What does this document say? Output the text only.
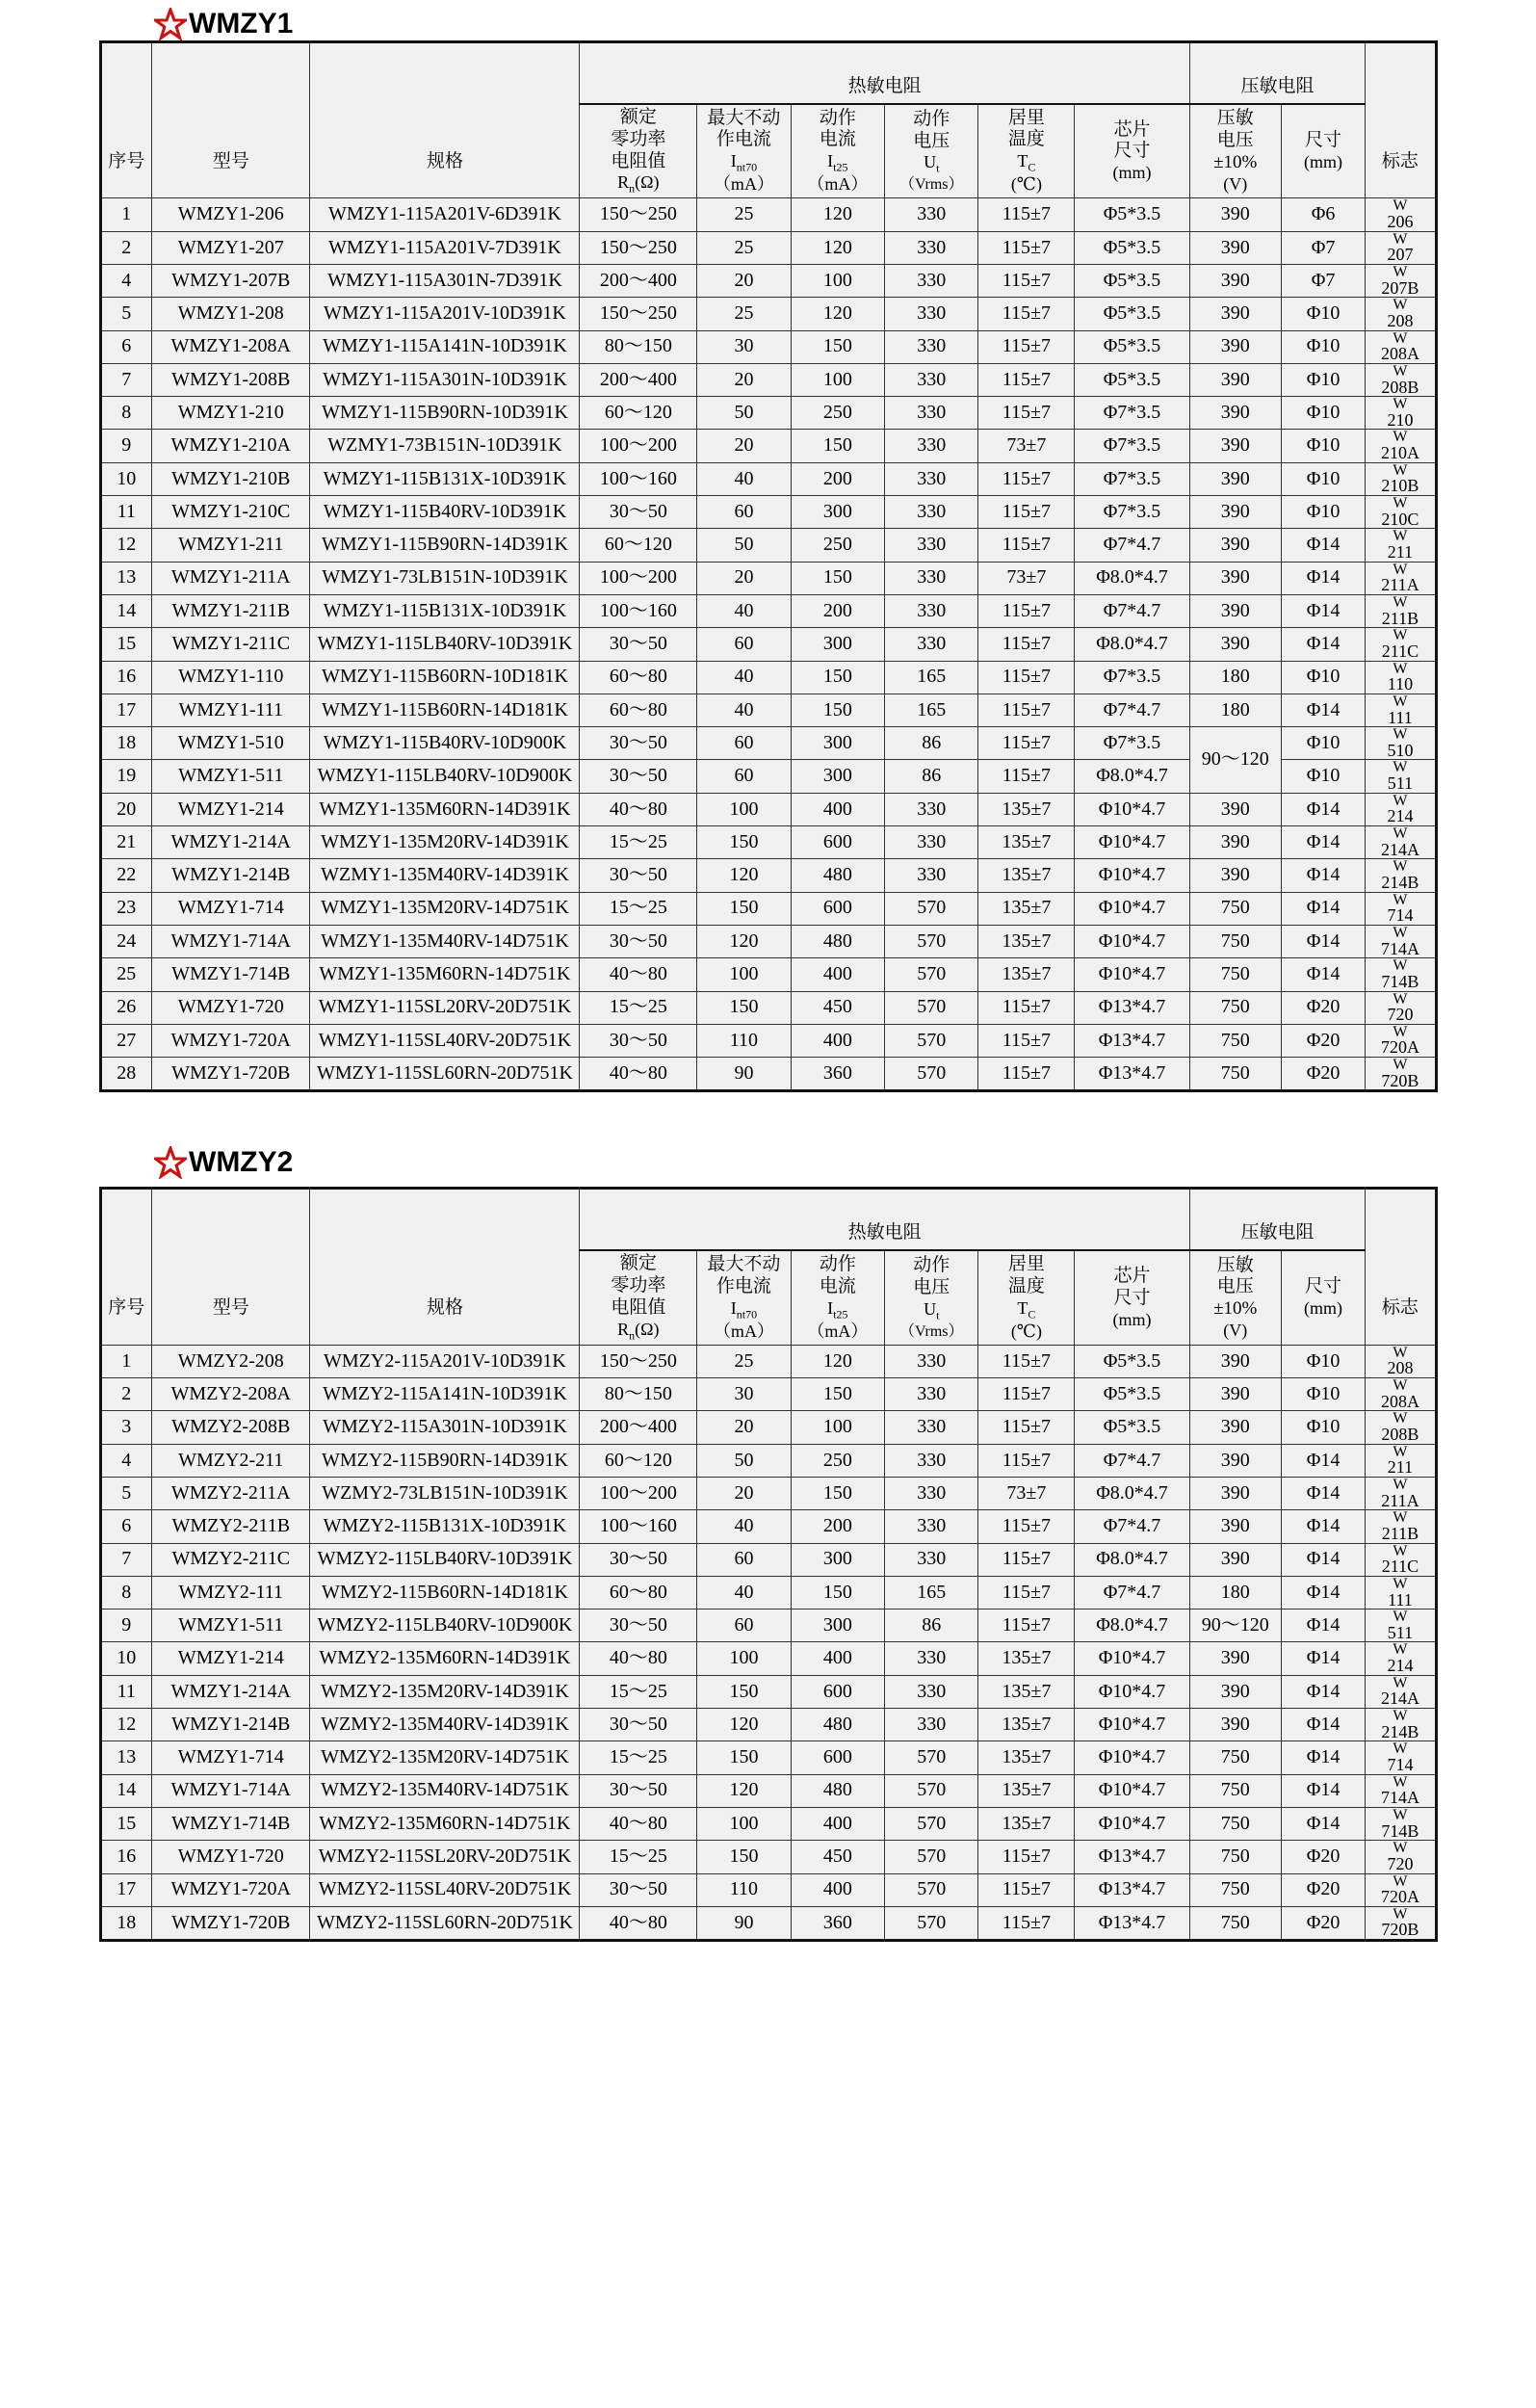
WMZY1
序号	型号	规格	热敏电阻						压敏电阻		标志

			额定
零功率
电阻值
$R_n(\Omega)$	最大不动
作电流
$I_{nt70}$
（mA）	动作
电流
$I_{t25}$
（mA）	动作
电压
$U_t$
（Vrms）	居里
温度
$T_C$
(℃)	芯片
尺寸
(mm)	压敏
电压
±10%
(V)	尺寸
(mm)	

1	WMZY1-206	WMZY1-115A201V-6D391K	150～250	25	120	330	115±7	Φ5*3.5	390	Φ6	W
206

2	WMZY1-207	WMZY1-115A201V-7D391K	150～250	25	120	330	115±7	Φ5*3.5	390	Φ7	W
207

4	WMZY1-207B	WMZY1-115A301N-7D391K	200～400	20	100	330	115±7	Φ5*3.5	390	Φ7	W
207B

5	WMZY1-208	WMZY1-115A201V-10D391K	150～250	25	120	330	115±7	Φ5*3.5	390	Φ10	W
208

6	WMZY1-208A	WMZY1-115A141N-10D391K	80～150	30	150	330	115±7	Φ5*3.5	390	Φ10	W
208A

7	WMZY1-208B	WMZY1-115A301N-10D391K	200～400	20	100	330	115±7	Φ5*3.5	390	Φ10	W
208B

8	WMZY1-210	WMZY1-115B90RN-10D391K	60～120	50	250	330	115±7	Φ7*3.5	390	Φ10	W
210

9	WMZY1-210A	WZMY1-73B151N-10D391K	100～200	20	150	330	73±7	Φ7*3.5	390	Φ10	W
210A

10	WMZY1-210B	WMZY1-115B131X-10D391K	100～160	40	200	330	115±7	Φ7*3.5	390	Φ10	W
210B

11	WMZY1-210C	WMZY1-115B40RV-10D391K	30～50	60	300	330	115±7	Φ7*3.5	390	Φ10	W
210C

12	WMZY1-211	WMZY1-115B90RN-14D391K	60～120	50	250	330	115±7	Φ7*4.7	390	Φ14	W
211

13	WMZY1-211A	WMZY1-73LB151N-10D391K	100～200	20	150	330	73±7	Φ8.0*4.7	390	Φ14	W
211A

14	WMZY1-211B	WMZY1-115B131X-10D391K	100～160	40	200	330	115±7	Φ7*4.7	390	Φ14	W
211B

15	WMZY1-211C	WMZY1-115LB40RV-10D391K	30～50	60	300	330	115±7	Φ8.0*4.7	390	Φ14	W
211C

16	WMZY1-110	WMZY1-115B60RN-10D181K	60～80	40	150	165	115±7	Φ7*3.5	180	Φ10	W
110

17	WMZY1-111	WMZY1-115B60RN-14D181K	60～80	40	150	165	115±7	Φ7*4.7	180	Φ14	W
111

18	WMZY1-510	WMZY1-115B40RV-10D900K	30～50	60	300	86	115±7	Φ7*3.5	90～120	Φ10	W
510

19	WMZY1-511	WMZY1-115LB40RV-10D900K	30～50	60	300	86	115±7	Φ8.0*4.7		Φ10	W
511

20	WMZY1-214	WMZY1-135M60RN-14D391K	40～80	100	400	330	135±7	Φ10*4.7	390	Φ14	W
214

21	WMZY1-214A	WMZY1-135M20RV-14D391K	15～25	150	600	330	135±7	Φ10*4.7	390	Φ14	W
214A

22	WMZY1-214B	WZMY1-135M40RV-14D391K	30～50	120	480	330	135±7	Φ10*4.7	390	Φ14	W
214B

23	WMZY1-714	WMZY1-135M20RV-14D751K	15～25	150	600	570	135±7	Φ10*4.7	750	Φ14	W
714

24	WMZY1-714A	WMZY1-135M40RV-14D751K	30～50	120	480	570	135±7	Φ10*4.7	750	Φ14	W
714A

25	WMZY1-714B	WMZY1-135M60RN-14D751K	40～80	100	400	570	135±7	Φ10*4.7	750	Φ14	W
714B

26	WMZY1-720	WMZY1-115SL20RV-20D751K	15～25	150	450	570	115±7	Φ13*4.7	750	Φ20	W
720

27	WMZY1-720A	WMZY1-115SL40RV-20D751K	30～50	110	400	570	115±7	Φ13*4.7	750	Φ20	W
720A

28	WMZY1-720B	WMZY1-115SL60RN-20D751K	40～80	90	360	570	115±7	Φ13*4.7	750	Φ20	W
720B
WMZY2
序号	型号	规格	热敏电阻						压敏电阻		标志

			额定
零功率
电阻值
$R_n(\Omega)$	最大不动
作电流
$I_{nt70}$
（mA）	动作
电流
$I_{t25}$
（mA）	动作
电压
$U_t$
（Vrms）	居里
温度
$T_C$
(℃)	芯片
尺寸
(mm)	压敏
电压
±10%
(V)	尺寸
(mm)	

1	WMZY2-208	WMZY2-115A201V-10D391K	150～250	25	120	330	115±7	Φ5*3.5	390	Φ10	W
208

2	WMZY2-208A	WMZY2-115A141N-10D391K	80～150	30	150	330	115±7	Φ5*3.5	390	Φ10	W
208A

3	WMZY2-208B	WMZY2-115A301N-10D391K	200～400	20	100	330	115±7	Φ5*3.5	390	Φ10	W
208B

4	WMZY2-211	WMZY2-115B90RN-14D391K	60～120	50	250	330	115±7	Φ7*4.7	390	Φ14	W
211

5	WMZY2-211A	WZMY2-73LB151N-10D391K	100～200	20	150	330	73±7	Φ8.0*4.7	390	Φ14	W
211A

6	WMZY2-211B	WMZY2-115B131X-10D391K	100～160	40	200	330	115±7	Φ7*4.7	390	Φ14	W
211B

7	WMZY2-211C	WMZY2-115LB40RV-10D391K	30～50	60	300	330	115±7	Φ8.0*4.7	390	Φ14	W
211C

8	WMZY2-111	WMZY2-115B60RN-14D181K	60～80	40	150	165	115±7	Φ7*4.7	180	Φ14	W
111

9	WMZY1-511	WMZY2-115LB40RV-10D900K	30～50	60	300	86	115±7	Φ8.0*4.7	90～120	Φ14	W
511

10	WMZY1-214	WMZY2-135M60RN-14D391K	40～80	100	400	330	135±7	Φ10*4.7	390	Φ14	W
214

11	WMZY1-214A	WMZY2-135M20RV-14D391K	15～25	150	600	330	135±7	Φ10*4.7	390	Φ14	W
214A

12	WMZY1-214B	WZMY2-135M40RV-14D391K	30～50	120	480	330	135±7	Φ10*4.7	390	Φ14	W
214B

13	WMZY1-714	WMZY2-135M20RV-14D751K	15～25	150	600	570	135±7	Φ10*4.7	750	Φ14	W
714

14	WMZY1-714A	WMZY2-135M40RV-14D751K	30～50	120	480	570	135±7	Φ10*4.7	750	Φ14	W
714A

15	WMZY1-714B	WMZY2-135M60RN-14D751K	40～80	100	400	570	135±7	Φ10*4.7	750	Φ14	W
714B

16	WMZY1-720	WMZY2-115SL20RV-20D751K	15～25	150	450	570	115±7	Φ13*4.7	750	Φ20	W
720

17	WMZY1-720A	WMZY2-115SL40RV-20D751K	30～50	110	400	570	115±7	Φ13*4.7	750	Φ20	W
720A

18	WMZY1-720B	WMZY2-115SL60RN-20D751K	40～80	90	360	570	115±7	Φ13*4.7	750	Φ20	W
720B
